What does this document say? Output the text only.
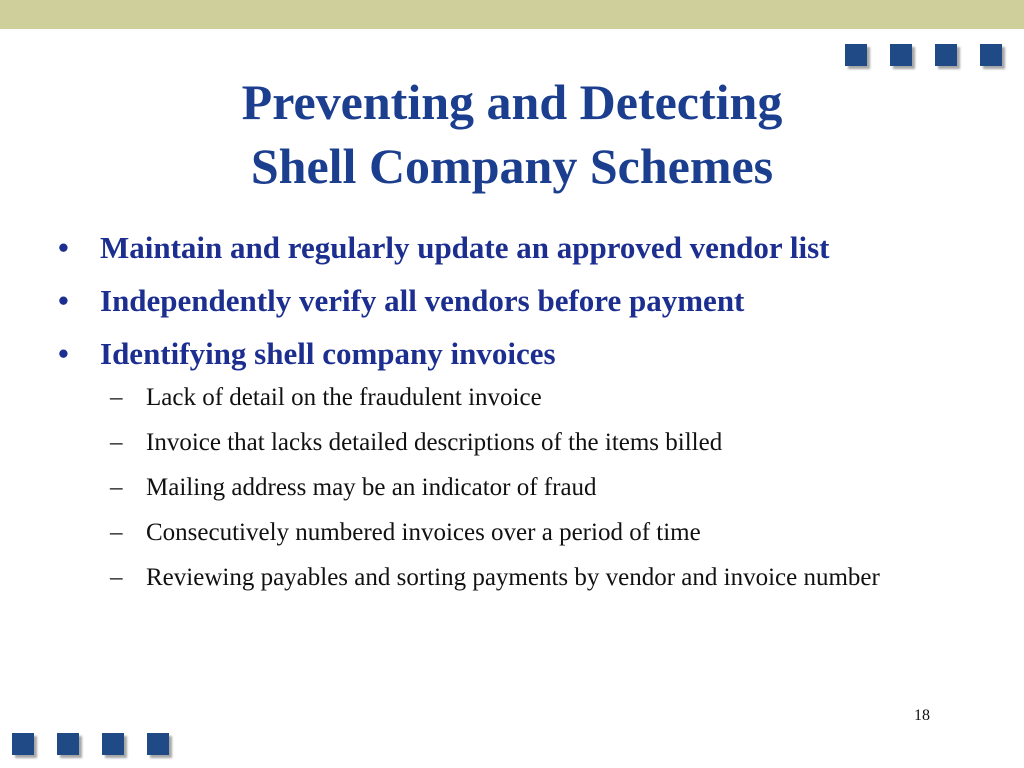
Preventing and Detecting
Shell Company Schemes
•	Maintain and regularly update an approved vendor list
•	Independently verify all vendors before payment
•	Identifying shell company invoices
– Lack of detail on the fraudulent invoice
– Invoice that lacks detailed descriptions of the items billed
– Mailing address may be an indicator of fraud
– Consecutively numbered invoices over a period of time
– Reviewing payables and sorting payments by vendor and invoice number
18
